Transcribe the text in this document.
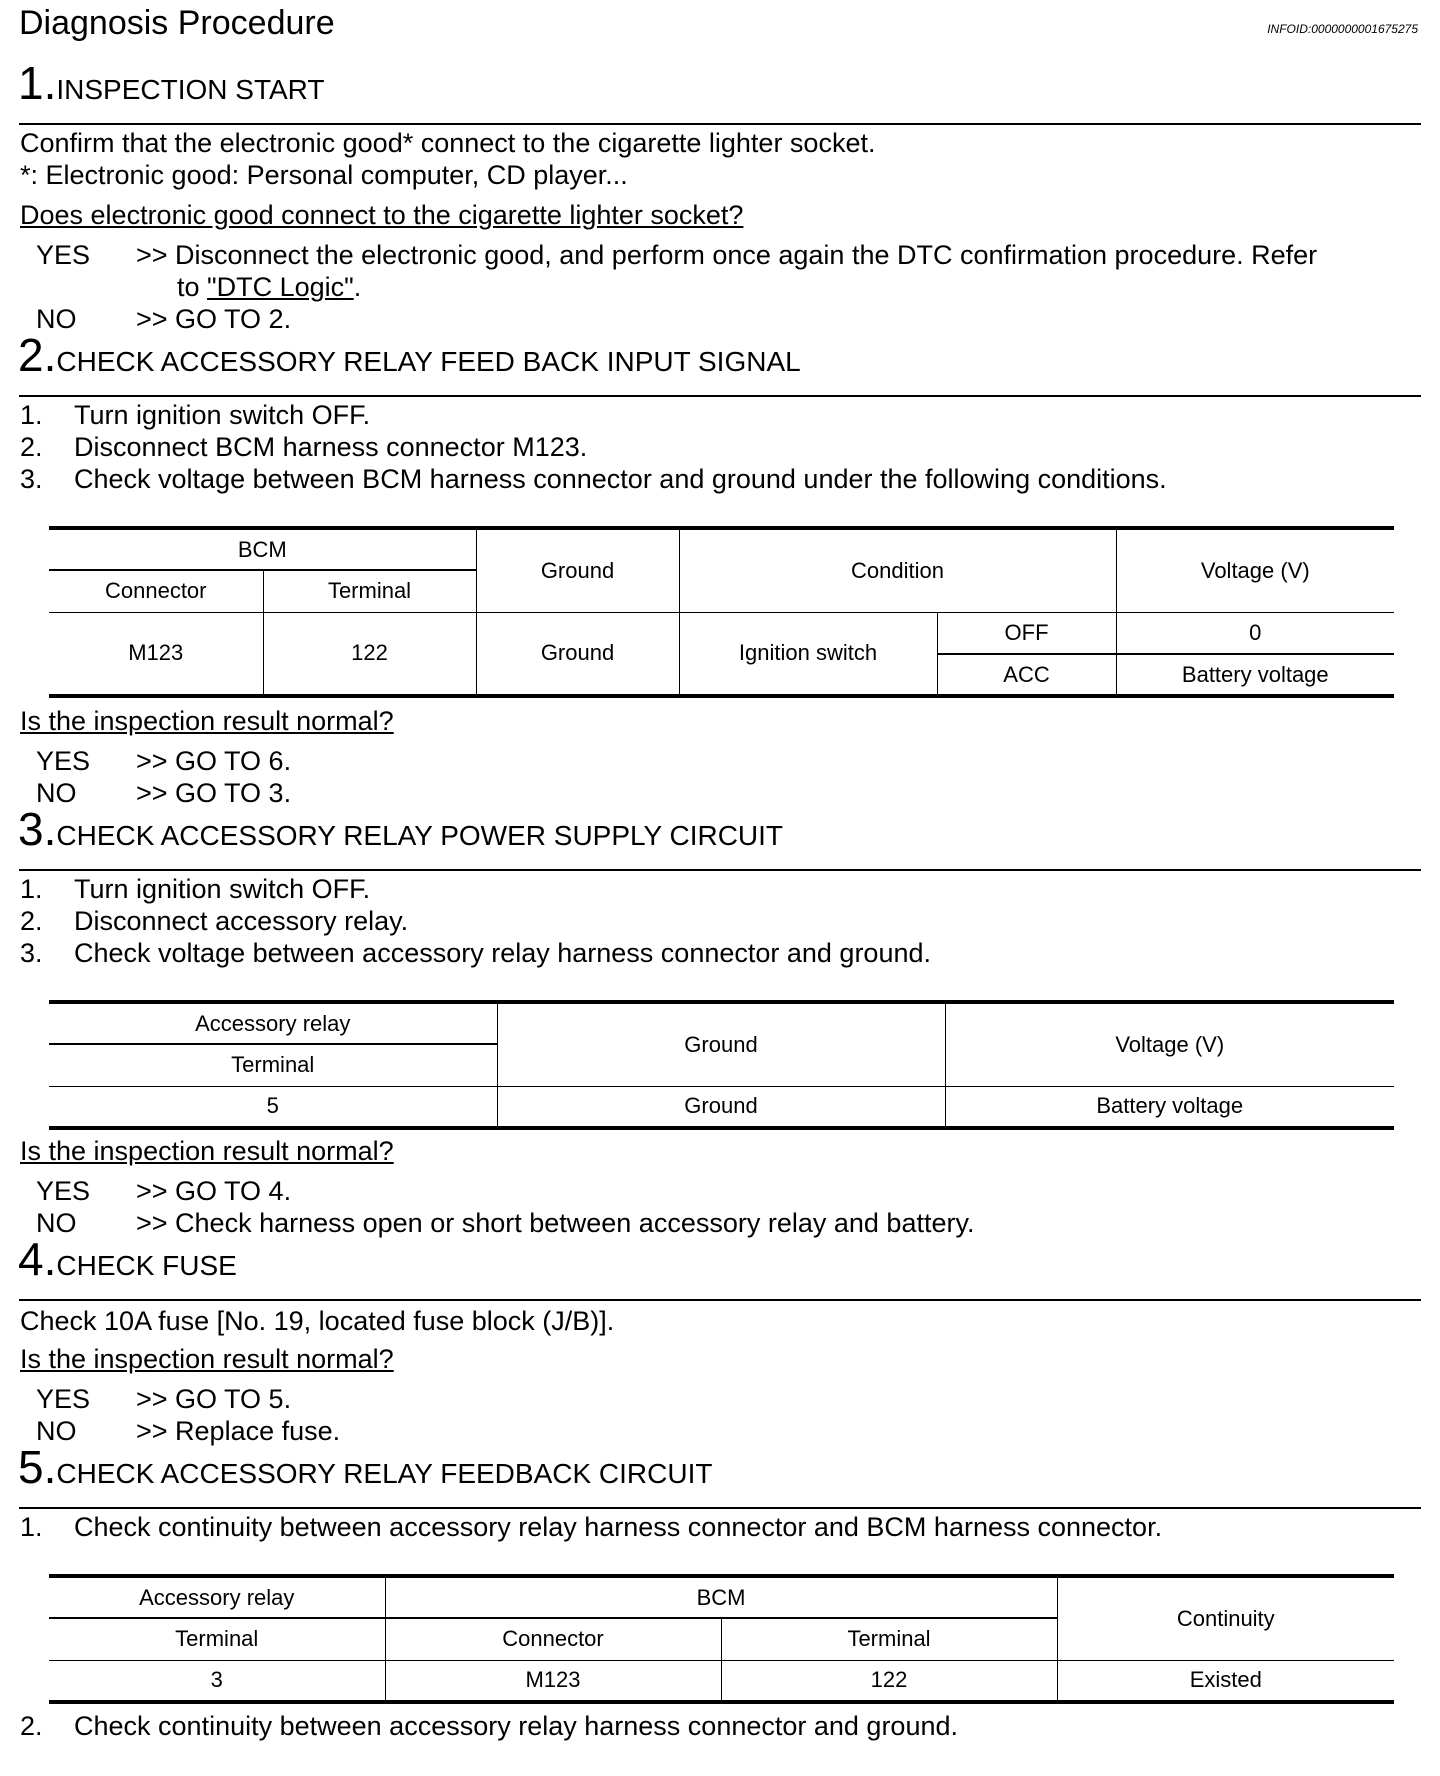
Diagnosis Procedure	INFOID:0000000001675275
1.INSPECTION START
Confirm that the electronic good* connect to the cigarette lighter socket.
*: Electronic good: Personal computer, CD player...
Does electronic good connect to the cigarette lighter socket?
YES >> Disconnect the electronic good, and perform once again the DTC confirmation procedure. Refer
to "DTC Logic".
NO >> GO TO 2.
2.CHECK ACCESSORY RELAY FEED BACK INPUT SIGNAL
1. Turn ignition switch OFF.
2. Disconnect BCM harness connector M123.
3. Check voltage between BCM harness connector and ground under the following conditions.
BCM		Ground	Condition		Voltage (V)
Connector	Terminal				
M123	122	Ground	Ignition switch	OFF	0
				ACC	Battery voltage
Is the inspection result normal?
YES >> GO TO 6.
NO >> GO TO 3.
3.CHECK ACCESSORY RELAY POWER SUPPLY CIRCUIT
1. Turn ignition switch OFF.
2. Disconnect accessory relay.
3. Check voltage between accessory relay harness connector and ground.
Accessory relay	Ground	Voltage (V)
Terminal		
5	Ground	Battery voltage
Is the inspection result normal?
YES >> GO TO 4.
NO >> Check harness open or short between accessory relay and battery.
4.CHECK FUSE
Check 10A fuse [No. 19, located fuse block (J/B)].
Is the inspection result normal?
YES >> GO TO 5.
NO >> Replace fuse.
5.CHECK ACCESSORY RELAY FEEDBACK CIRCUIT
1. Check continuity between accessory relay harness connector and BCM harness connector.
Accessory relay	BCM		Continuity
Terminal	Connector	Terminal	
3	M123	122	Existed
2. Check continuity between accessory relay harness connector and ground.
